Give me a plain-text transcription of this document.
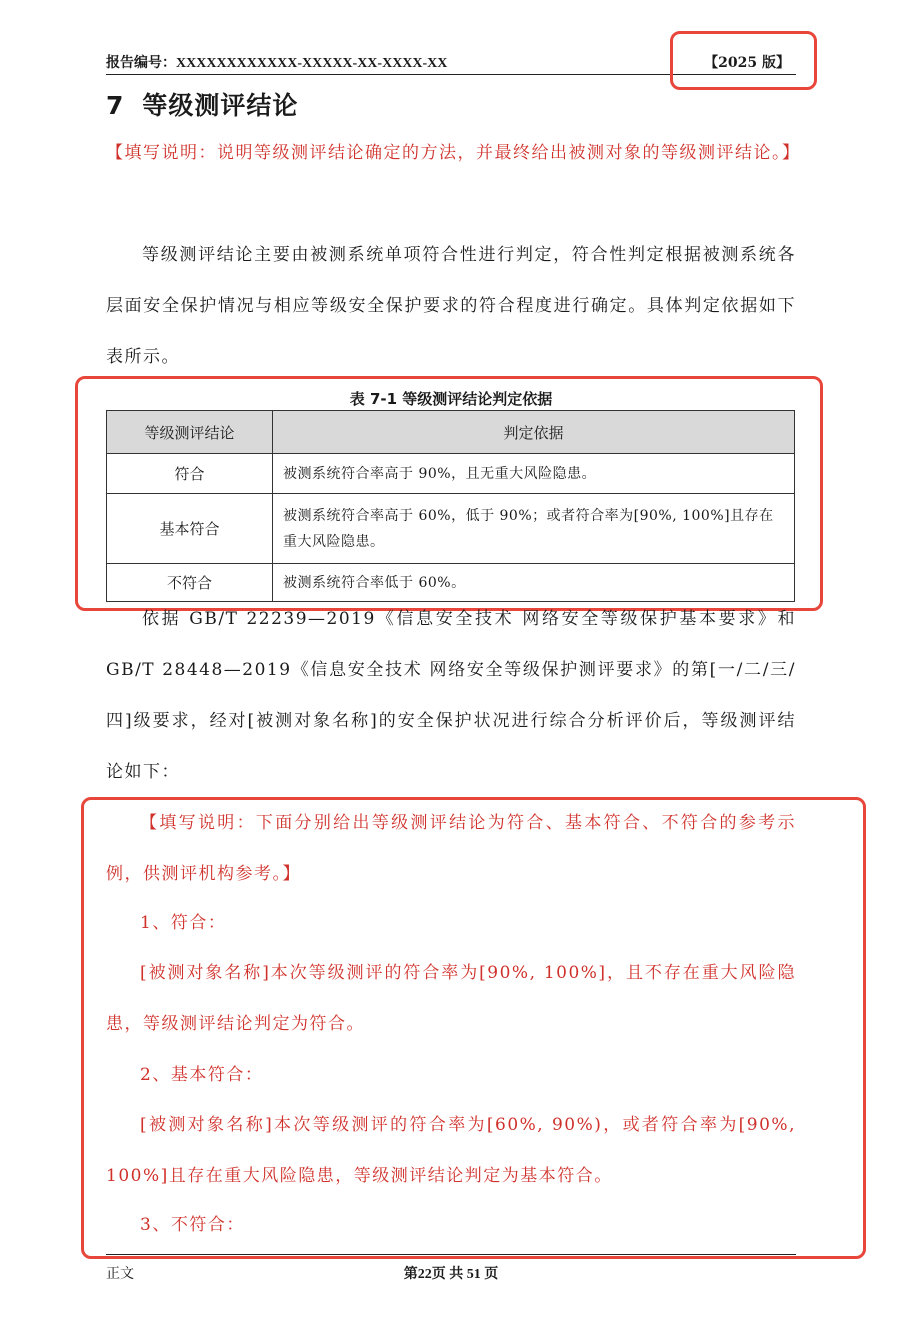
报告编号：XXXXXXXXXXXX-XXXXX-XX-XXXX-XX	【2025 版】
7 等级测评结论
【填写说明：说明等级测评结论确定的方法，并最终给出被测对象的等级测评结论。】
等级测评结论主要由被测系统单项符合性进行判定，符合性判定根据被测系统各层面安全保护情况与相应等级安全保护要求的符合程度进行确定。具体判定依据如下表所示。
表 7-1 等级测评结论判定依据
等级测评结论	判定依据
符合	被测系统符合率高于 90%，且无重大风险隐患。
基本符合	被测系统符合率高于 60%，低于 90%；或者符合率为[90%, 100%]且存在重大风险隐患。
不符合	被测系统符合率低于 60%。
依据 GB/T 22239—2019《信息安全技术 网络安全等级保护基本要求》和 GB/T 28448—2019《信息安全技术 网络安全等级保护测评要求》的第[一/二/三/四]级要求，经对[被测对象名称]的安全保护状况进行综合分析评价后，等级测评结论如下：
【填写说明：下面分别给出等级测评结论为符合、基本符合、不符合的参考示例，供测评机构参考。】
1、符合：
[被测对象名称]本次等级测评的符合率为[90%, 100%]，且不存在重大风险隐患，等级测评结论判定为符合。
2、基本符合：
[被测对象名称]本次等级测评的符合率为[60%, 90%)，或者符合率为[90%, 100%]且存在重大风险隐患，等级测评结论判定为基本符合。
3、不符合：
正文	第22页 共 51 页
